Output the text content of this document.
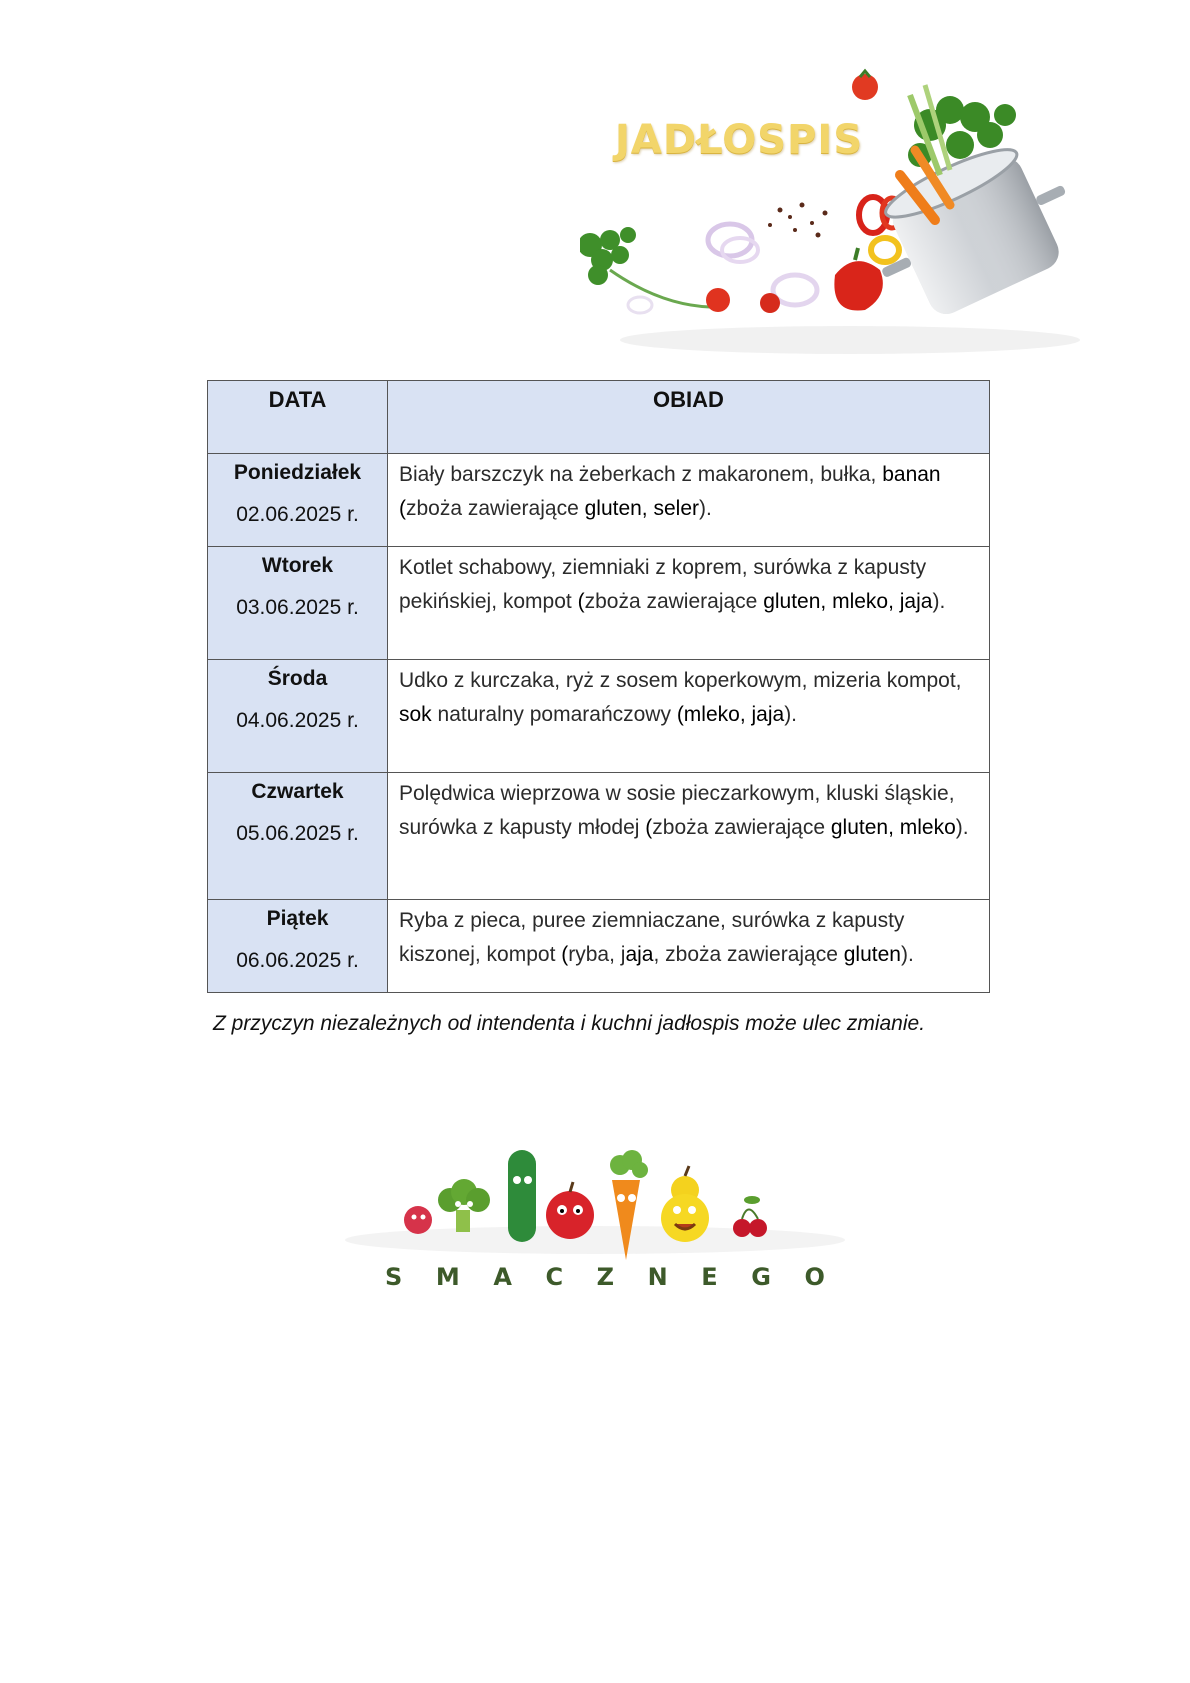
JADŁOSPIS
DATA	OBIAD

Poniedziałek
02.06.2025 r.	Biały barszczyk na żeberkach z makaronem, bułka, banan (zboża zawierające gluten, seler).

Wtorek
03.06.2025 r.	Kotlet schabowy, ziemniaki z koprem, surówka z kapusty pekińskiej, kompot (zboża zawierające gluten, mleko, jaja).

Środa
04.06.2025 r.	Udko z kurczaka, ryż z sosem koperkowym, mizeria kompot, sok naturalny pomarańczowy (mleko, jaja).

Czwartek
05.06.2025 r.	Polędwica wieprzowa w sosie pieczarkowym, kluski śląskie, surówka z kapusty młodej (zboża zawierające gluten, mleko).

Piątek
06.06.2025 r.	Ryba z pieca, puree ziemniaczane, surówka z kapusty kiszonej, kompot (ryba, jaja, zboża zawierające gluten).
Z przyczyn niezależnych od intendenta i kuchni jadłospis może ulec zmianie.
S M A C Z N E G O
